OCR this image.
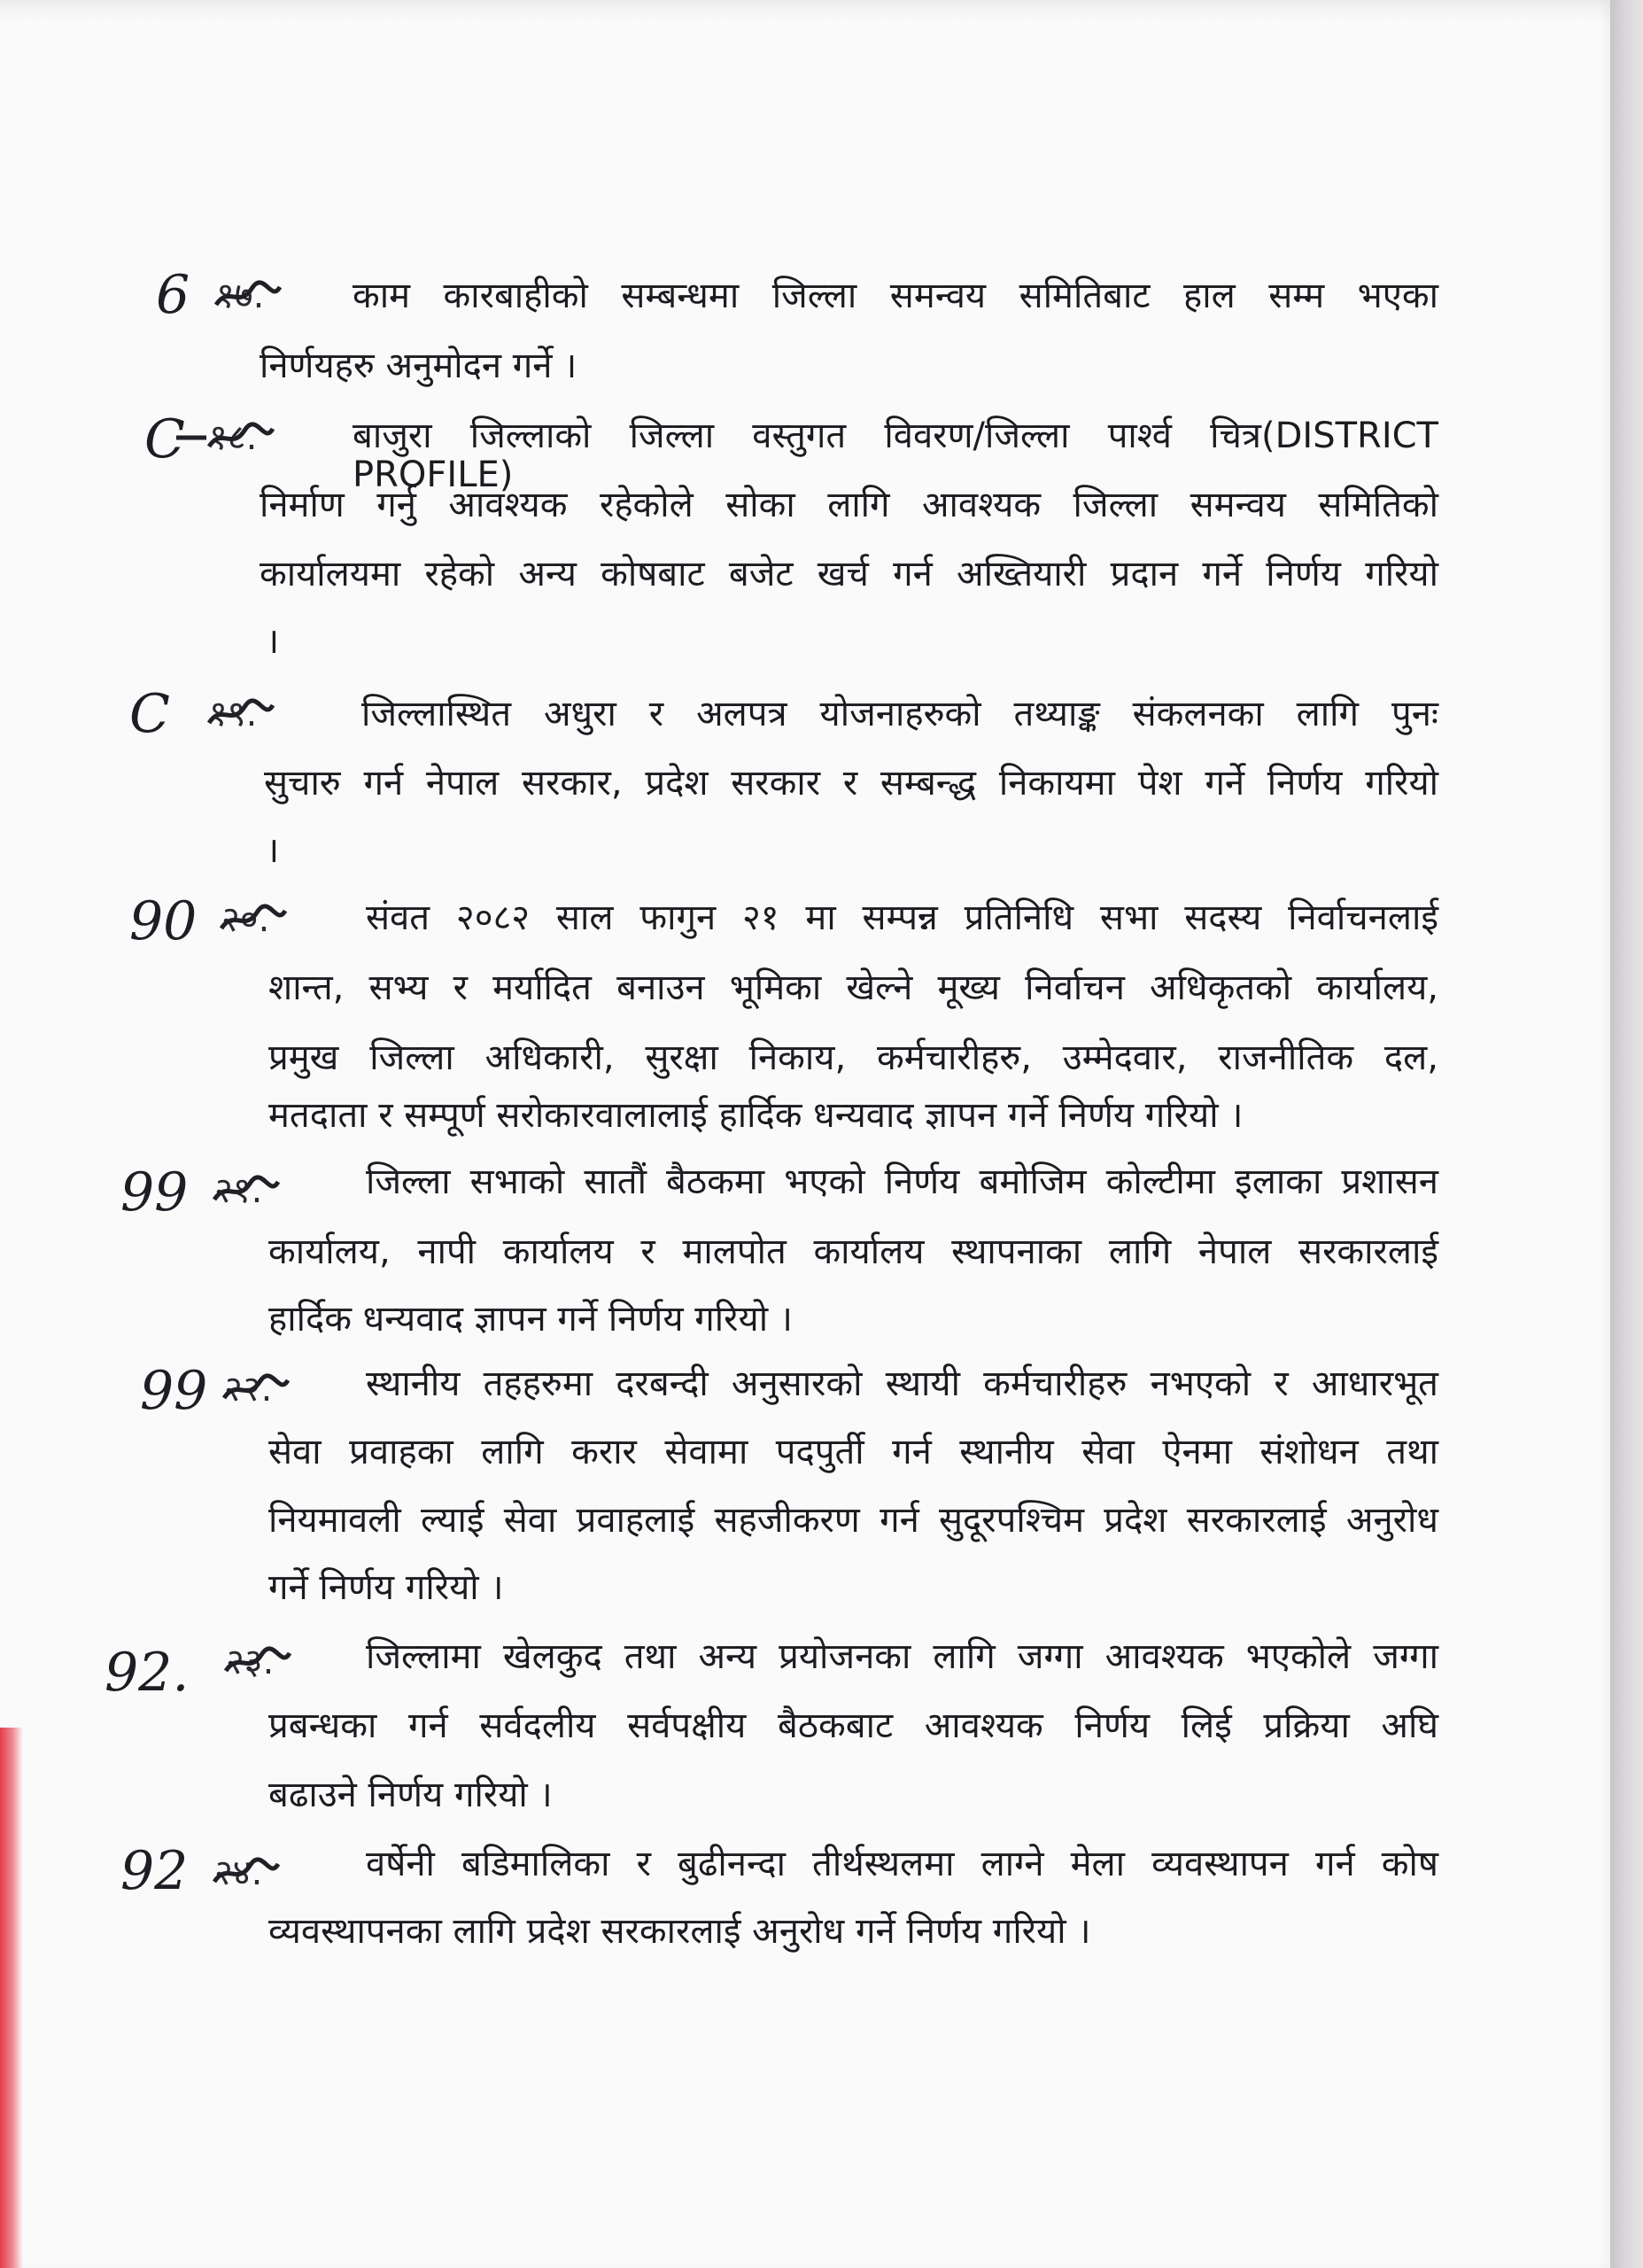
6 १७. काम कारबाहीको सम्बन्धमा जिल्ला समन्वय समितिबाट हाल सम्म भएका
निर्णयहरु अनुमोदन गर्ने ।
C १८.	बाजुरा जिल्लाको जिल्ला वस्तुगत विवरण/जिल्ला पार्श्व चित्र(DISTRICT PROFILE)
निर्माण गर्नु आवश्यक रहेकोले सोका लागि आवश्यक जिल्ला समन्वय समितिको
कार्यालयमा रहेको अन्य कोषबाट बजेट खर्च गर्न अख्तियारी प्रदान गर्ने निर्णय गरियो
।
C १९.	जिल्लास्थित अधुरा र अलपत्र योजनाहरुको तथ्याङ्क संकलनका लागि पुनः
सुचारु गर्न नेपाल सरकार, प्रदेश सरकार र सम्बन्द्ध निकायमा पेश गर्ने निर्णय गरियो
।
90 २०.	संवत २०८२ साल फागुन २१ मा सम्पन्न प्रतिनिधि सभा सदस्य निर्वाचनलाई
शान्त, सभ्य र मर्यादित बनाउन भूमिका खेल्ने मूख्य निर्वाचन अधिकृतको कार्यालय,
प्रमुख जिल्ला अधिकारी, सुरक्षा निकाय, कर्मचारीहरु, उम्मेदवार, राजनीतिक दल,
मतदाता र सम्पूर्ण सरोकारवालालाई हार्दिक धन्यवाद ज्ञापन गर्ने निर्णय गरियो ।
99 २१.	जिल्ला सभाको सातौं बैठकमा भएको निर्णय बमोजिम कोल्टीमा इलाका प्रशासन
कार्यालय, नापी कार्यालय र मालपोत कार्यालय स्थापनाका लागि नेपाल सरकारलाई
हार्दिक धन्यवाद ज्ञापन गर्ने निर्णय गरियो ।
99 २२.	स्थानीय तहहरुमा दरबन्दी अनुसारको स्थायी कर्मचारीहरु नभएको र आधारभूत
सेवा प्रवाहका लागि करार सेवामा पदपुर्ती गर्न स्थानीय सेवा ऐनमा संशोधन तथा
नियमावली ल्याई सेवा प्रवाहलाई सहजीकरण गर्न सुदूरपश्चिम प्रदेश सरकारलाई अनुरोध
गर्ने निर्णय गरियो ।
92. २३.	जिल्लामा खेलकुद तथा अन्य प्रयोजनका लागि जग्गा आवश्यक भएकोले जग्गा
प्रबन्धका गर्न सर्वदलीय सर्वपक्षीय बैठकबाट आवश्यक निर्णय लिई प्रक्रिया अघि
बढाउने निर्णय गरियो ।
92 २४.	वर्षेनी बडिमालिका र बुढीनन्दा तीर्थस्थलमा लाग्ने मेला व्यवस्थापन गर्न कोष
व्यवस्थापनका लागि प्रदेश सरकारलाई अनुरोध गर्ने निर्णय गरियो ।
